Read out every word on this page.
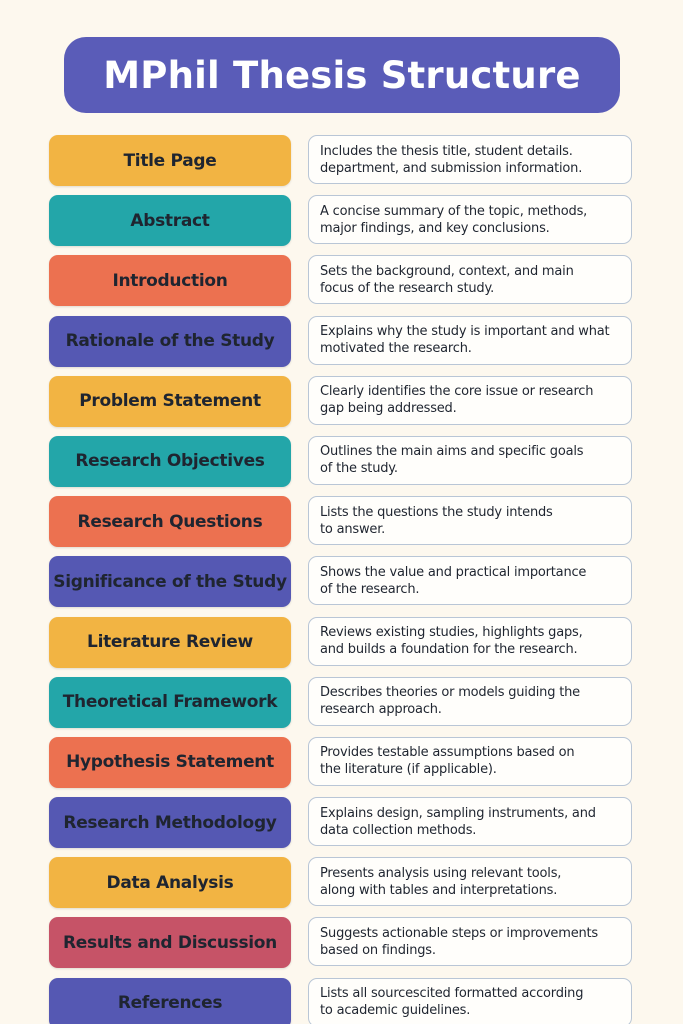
MPhil Thesis Structure
Title Page	Includes the thesis title, student details.
department, and submission information.
Abstract	A concise summary of the topic, methods,
major findings, and key conclusions.
Introduction	Sets the background, context, and main
focus of the research study.
Rationale of the Study	Explains why the study is important and what
motivated the research.
Problem Statement	Clearly identifies the core issue or research
gap being addressed.
Research Objectives	Outlines the main aims and specific goals
of the study.
Research Questions	Lists the questions the study intends
to answer.
Significance of the Study	Shows the value and practical importance
of the research.
Literature Review	Reviews existing studies, highlights gaps,
and builds a foundation for the research.
Theoretical Framework	Describes theories or models guiding the
research approach.
Hypothesis Statement	Provides testable assumptions based on
the literature (if applicable).
Research Methodology	Explains design, sampling instruments, and
data collection methods.
Data Analysis	Presents analysis using relevant tools,
along with tables and interpretations.
Results and Discussion	Suggests actionable steps or improvements
based on findings.
References	Lists all sourcescited formatted according
to academic guidelines.
